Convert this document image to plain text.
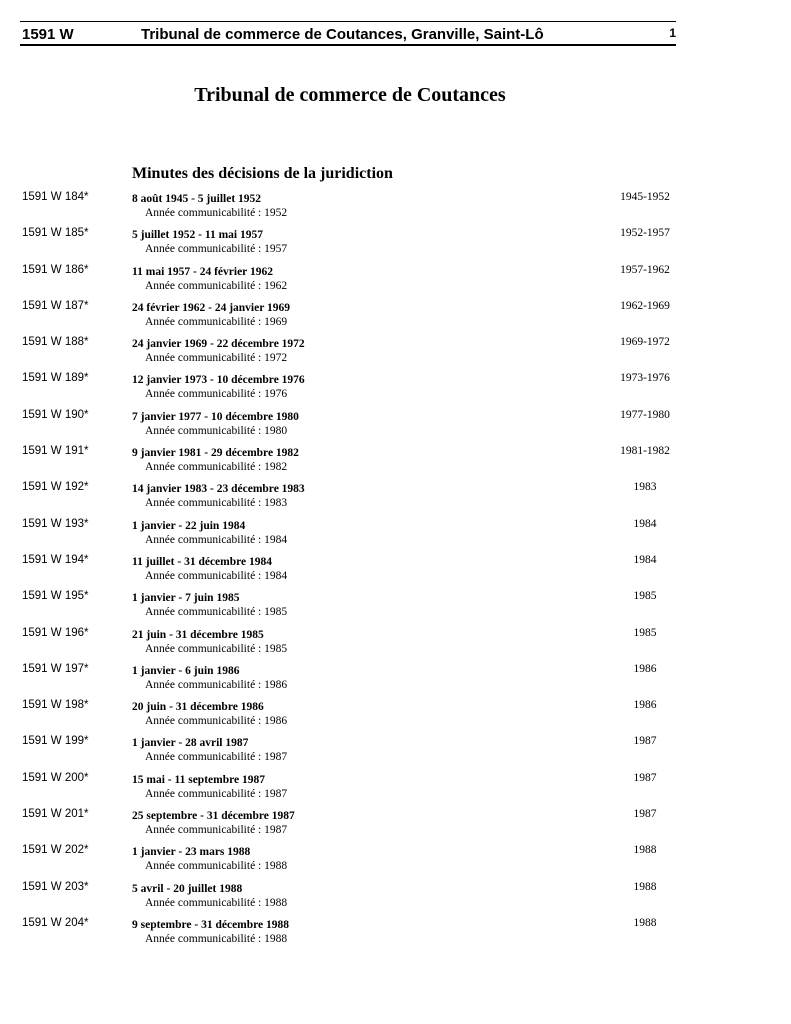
1591 W	Tribunal de commerce de Coutances, Granville, Saint-Lô	1
Tribunal de commerce de Coutances
Minutes des décisions de la juridiction
1591 W 184*	8 août 1945 - 5 juillet 1952
Année communicabilité : 1952
1945-1952
1591 W 185*	5 juillet 1952 - 11 mai 1957
Année communicabilité : 1957
1952-1957
1591 W 186*	11 mai 1957 - 24 février 1962
Année communicabilité : 1962
1957-1962
1591 W 187*	24 février 1962 - 24 janvier 1969
Année communicabilité : 1969
1962-1969
1591 W 188*	24 janvier 1969 - 22 décembre 1972
Année communicabilité : 1972
1969-1972
1591 W 189*	12 janvier 1973 - 10 décembre 1976
Année communicabilité : 1976
1973-1976
1591 W 190*	7 janvier 1977 - 10 décembre 1980
Année communicabilité : 1980
1977-1980
1591 W 191*	9 janvier 1981 - 29 décembre 1982
Année communicabilité : 1982
1981-1982
1591 W 192*	14 janvier 1983 - 23 décembre 1983
Année communicabilité : 1983
1983
1591 W 193*	1 janvier - 22 juin 1984
Année communicabilité : 1984
1984
1591 W 194*	11 juillet - 31 décembre 1984
Année communicabilité : 1984
1984
1591 W 195*	1 janvier - 7 juin 1985
Année communicabilité : 1985
1985
1591 W 196*	21 juin - 31 décembre 1985
Année communicabilité : 1985
1985
1591 W 197*	1 janvier - 6 juin 1986
Année communicabilité : 1986
1986
1591 W 198*	20 juin - 31 décembre 1986
Année communicabilité : 1986
1986
1591 W 199*	1 janvier - 28 avril 1987
Année communicabilité : 1987
1987
1591 W 200*	15 mai - 11 septembre 1987
Année communicabilité : 1987
1987
1591 W 201*	25 septembre - 31 décembre 1987
Année communicabilité : 1987
1987
1591 W 202*	1 janvier - 23 mars 1988
Année communicabilité : 1988
1988
1591 W 203*	5 avril - 20 juillet 1988
Année communicabilité : 1988
1988
1591 W 204*	9 septembre - 31 décembre 1988
Année communicabilité : 1988
1988
